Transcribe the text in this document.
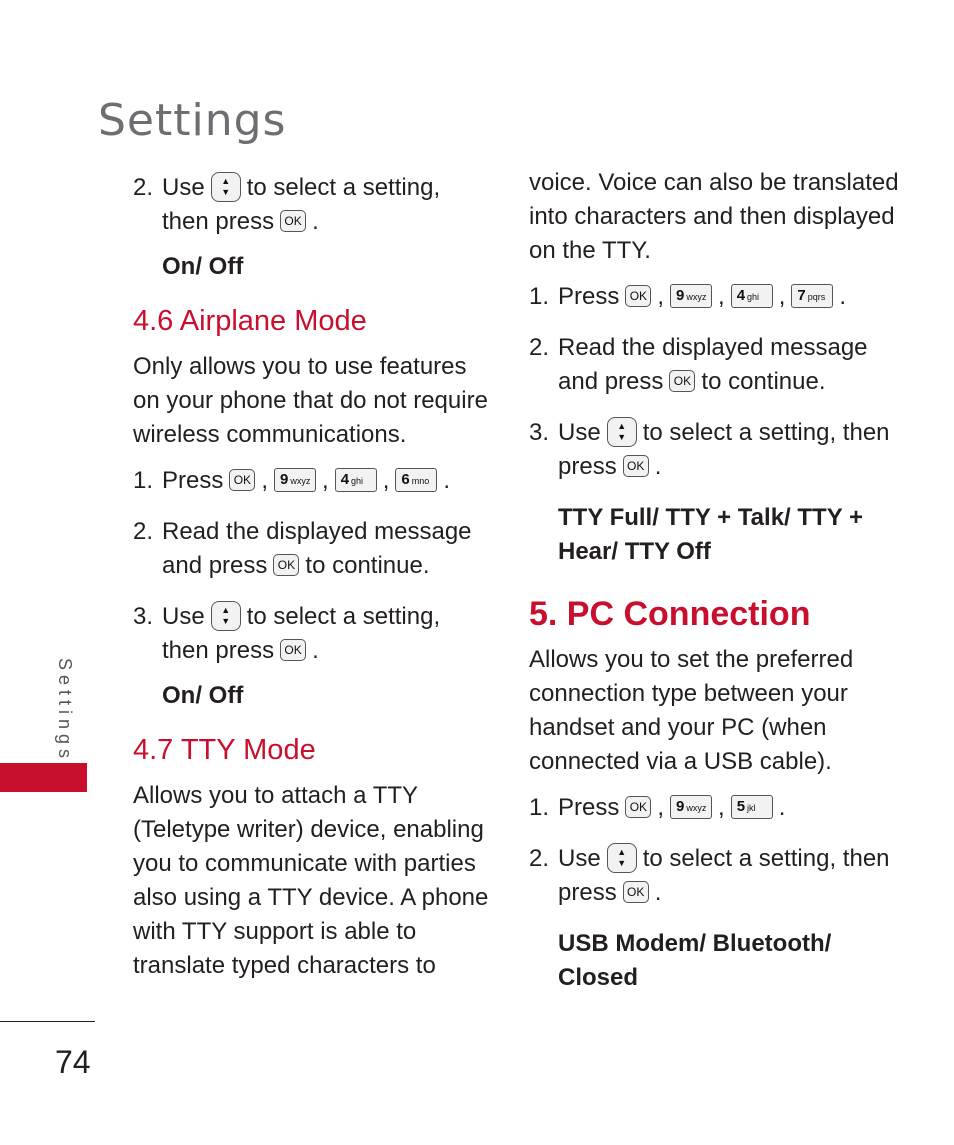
Settings
2. Use ▲
▼ to select a setting, then press OK .
On/ Off
4.6 Airplane Mode

Only allows you to use features on your phone that do not require wireless communications.

1. Press OK , 9 wxyz , 4 ghi , 6 mno .
2. Read the displayed message and press OK to continue.
3. Use ▲
▼ to select a setting, then press OK .
On/ Off
4.7 TTY Mode

Allows you to attach a TTY (Teletype writer) device, enabling you to communicate with parties also using a TTY device. A phone with TTY support is able to translate typed characters to

voice. Voice can also be translated into characters and then displayed on the TTY.

1. Press OK , 9 wxyz , 4 ghi , 7 pqrs .
2. Read the displayed message and press OK to continue.
3. Use ▲
▼ to select a setting, then press OK .
TTY Full/ TTY + Talk/ TTY + Hear/ TTY Off
5. PC Connection

Allows you to set the preferred connection type between your handset and your PC (when connected via a USB cable).

1. Press OK , 9 wxyz , 5 jkl .
2. Use ▲
▼ to select a setting, then press OK .
USB Modem/ Bluetooth/ Closed
Settings
74
